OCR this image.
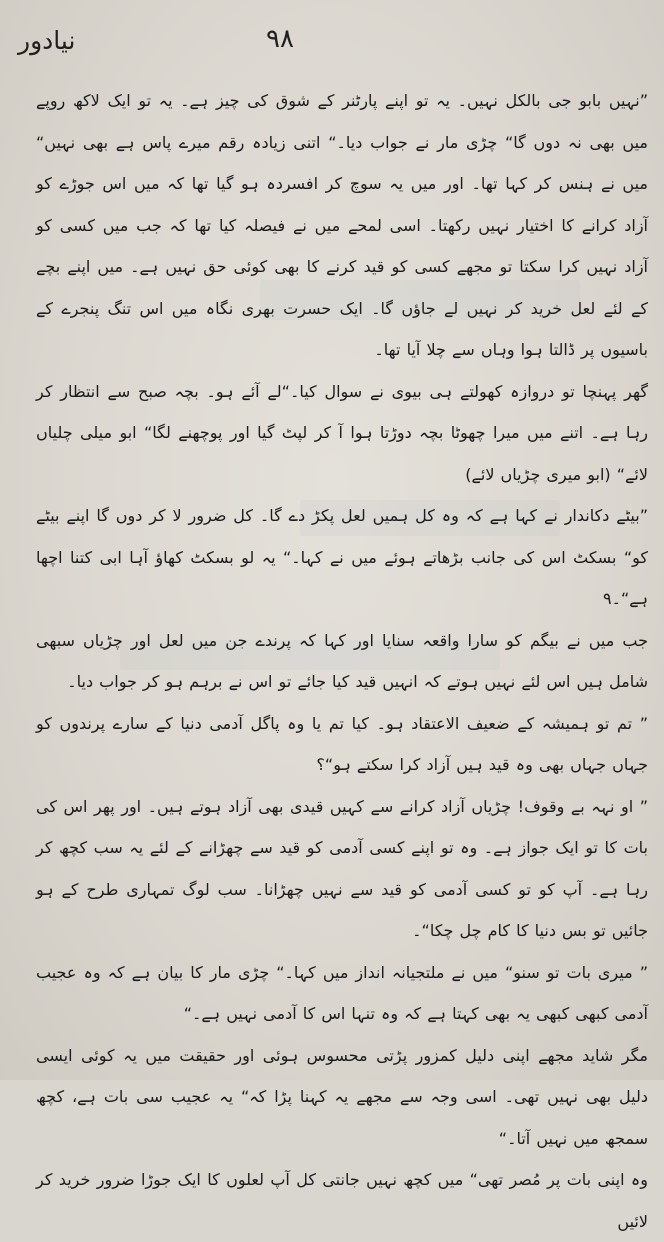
نیادور	۹۸

”نہیں بابو جی بالکل نہیں۔ یہ تو اپنے پارٹنر کے شوق کی چیز ہے۔ یہ تو ایک لاکھ روپے میں بھی نہ دوں گا“ چڑی مار نے جواب دیا۔“ اتنی زیادہ رقم میرے پاس ہے بھی نہیں“ میں نے ہنس کر کہا تھا۔ اور میں یہ سوچ کر افسردہ ہو گیا تھا کہ میں اس جوڑے کو آزاد کرانے کا اختیار نہیں رکھتا۔ اسی لمحے میں نے فیصلہ کیا تھا کہ جب میں کسی کو آزاد نہیں کرا سکتا تو مجھے کسی کو قید کرنے کا بھی کوئی حق نہیں ہے۔ میں اپنے بچے کے لئے لعل خرید کر نہیں لے جاؤں گا۔ ایک حسرت بھری نگاہ میں اس تنگ پنجرے کے باسیوں پر ڈالتا ہوا وہاں سے چلا آیا تھا۔

گھر پہنچا تو دروازہ کھولتے ہی بیوی نے سوال کیا۔“لے آئے ہو۔ بچہ صبح سے انتظار کر رہا ہے۔ اتنے میں میرا چھوٹا بچہ دوڑتا ہوا آ کر لپٹ گیا اور پوچھنے لگا“ ابو میلی چلیاں لائے“ (ابو میری چڑیاں لائے)

”بیٹے دکاندار نے کہا ہے کہ وہ کل ہمیں لعل پکڑ دے گا۔ کل ضرور لا کر دوں گا اپنے بیٹے کو“ بسکٹ اس کی جانب بڑھاتے ہوئے میں نے کہا۔“ یہ لو بسکٹ کھاؤ آہا ابی کتنا اچھا ہے“۔۹

جب میں نے بیگم کو سارا واقعہ سنایا اور کہا کہ پرندے جن میں لعل اور چڑیاں سبھی شامل ہیں اس لئے نہیں ہوتے کہ انہیں قید کیا جائے تو اس نے برہم ہو کر جواب دیا۔

” تم تو ہمیشہ کے ضعیف الاعتقاد ہو۔ کیا تم یا وہ پاگل آدمی دنیا کے سارے پرندوں کو جہاں جہاں بھی وہ قید ہیں آزاد کرا سکتے ہو“؟

” او نہہ بے وقوف! چڑیاں آزاد کرانے سے کہیں قیدی بھی آزاد ہوتے ہیں۔ اور پھر اس کی بات کا تو ایک جواز ہے۔ وہ تو اپنے کسی آدمی کو قید سے چھڑانے کے لئے یہ سب کچھ کر رہا ہے۔ آپ کو تو کسی آدمی کو قید سے نہیں چھڑانا۔ سب لوگ تمہاری طرح کے ہو جائیں تو بس دنیا کا کام چل چکا“۔

” میری بات تو سنو“ میں نے ملتجیانہ انداز میں کہا۔“ چڑی مار کا بیان ہے کہ وہ عجیب آدمی کبھی کبھی یہ بھی کہتا ہے کہ وہ تنہا اس کا آدمی نہیں ہے۔“

مگر شاید مجھے اپنی دلیل کمزور پڑتی محسوس ہوئی اور حقیقت میں یہ کوئی ایسی دلیل بھی نہیں تھی۔ اسی وجہ سے مجھے یہ کہنا پڑا کہ“ یہ عجیب سی بات ہے، کچھ سمجھ میں نہیں آتا۔“

وہ اپنی بات پر مُصر تھی“ میں کچھ نہیں جانتی کل آپ لعلوں کا ایک جوڑا ضرور خرید کر لائیں
